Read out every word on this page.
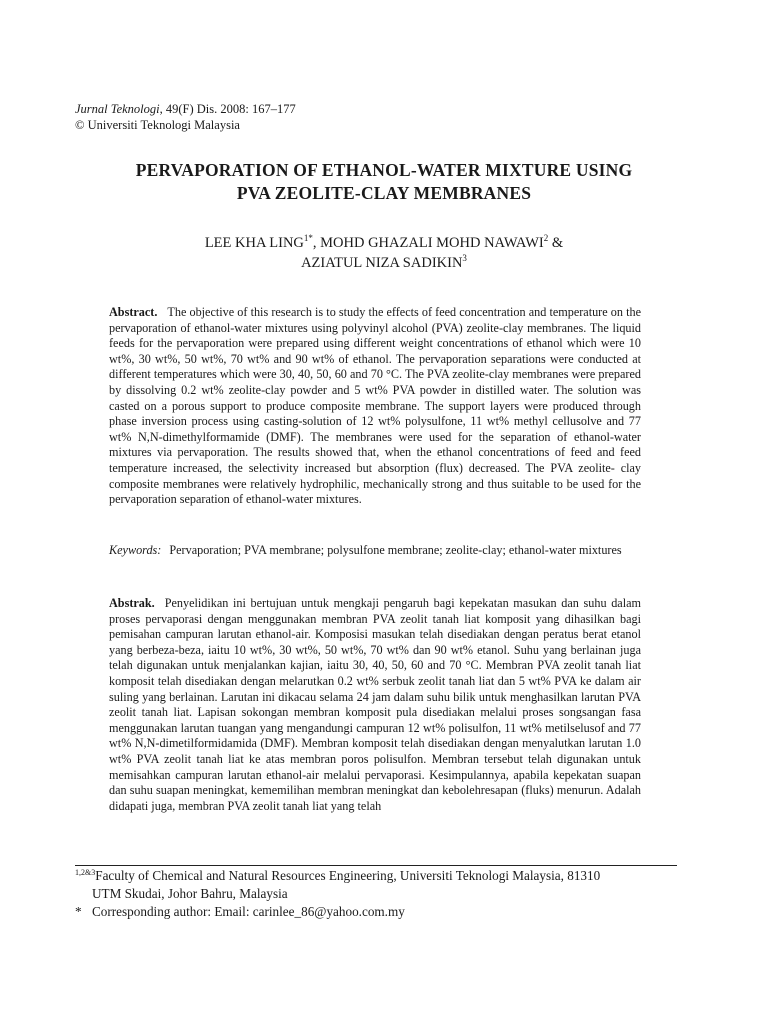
Jurnal Teknologi, 49(F) Dis. 2008: 167–177
© Universiti Teknologi Malaysia
PERVAPORATION OF ETHANOL-WATER MIXTURE USING
PVA ZEOLITE-CLAY MEMBRANES
LEE KHA $LING^{1*}$, MOHD GHAZALI MOHD NAWAWI$^2$ &
AZIATUL NIZA SADIKIN$^3$
Abstract. The objective of this research is to study the effects of feed concentration and temperature on the pervaporation of ethanol-water mixtures using polyvinyl alcohol (PVA) zeolite-clay membranes. The liquid feeds for the pervaporation were prepared using different weight concentrations of ethanol which were 10 wt%, 30 wt%, 50 wt%, 70 wt% and 90 wt% of ethanol. The pervaporation separations were conducted at different temperatures which were 30, 40, 50, 60 and 70 °C. The PVA zeolite-clay membranes were prepared by dissolving 0.2 wt% zeolite-clay powder and 5 wt% PVA powder in distilled water. The solution was casted on a porous support to produce composite membrane. The support layers were produced through phase inversion process using casting-solution of 12 wt% polysulfone, 11 wt% methyl cellusolve and 77 wt% N,N-dimethylformamide (DMF). The membranes were used for the separation of ethanol-water mixtures via pervaporation. The results showed that, when the ethanol concentrations of feed and feed temperature increased, the selectivity increased but absorption (flux) decreased. The PVA zeolite- clay composite membranes were relatively hydrophilic, mechanically strong and thus suitable to be used for the pervaporation separation of ethanol-water mixtures.
Keywords: Pervaporation; PVA membrane; polysulfone membrane; zeolite-clay; ethanol-water mixtures
Abstrak. Penyelidikan ini bertujuan untuk mengkaji pengaruh bagi kepekatan masukan dan suhu dalam proses pervaporasi dengan menggunakan membran PVA zeolit tanah liat komposit yang dihasilkan bagi pemisahan campuran larutan ethanol-air. Komposisi masukan telah disediakan dengan peratus berat etanol yang berbeza-beza, iaitu 10 wt%, 30 wt%, 50 wt%, 70 wt% dan 90 wt% etanol. Suhu yang berlainan juga telah digunakan untuk menjalankan kajian, iaitu 30, 40, 50, 60 and 70 °C. Membran PVA zeolit tanah liat komposit telah disediakan dengan melarutkan 0.2 wt% serbuk zeolit tanah liat dan 5 wt% PVA ke dalam air suling yang berlainan. Larutan ini dikacau selama 24 jam dalam suhu bilik untuk menghasilkan larutan PVA zeolit tanah liat. Lapisan sokongan membran komposit pula disediakan melalui proses songsangan fasa menggunakan larutan tuangan yang mengandungi campuran 12 wt% polisulfon, 11 wt% metilselusof and 77 wt% N,N-dimetilformidamida (DMF). Membran komposit telah disediakan dengan menyalutkan larutan 1.0 wt% PVA zeolit tanah liat ke atas membran poros polisulfon. Membran tersebut telah digunakan untuk memisahkan campuran larutan ethanol-air melalui pervaporasi. Kesimpulannya, apabila kepekatan suapan dan suhu suapan meningkat, kememilihan membran meningkat dan kebolehresapan (fluks) menurun. Adalah didapati juga, membran PVA zeolit tanah liat yang telah
$^{1,2\&3}$Faculty of Chemical and Natural Resources Engineering, Universiti Teknologi Malaysia, 81310
UTM Skudai, Johor Bahru, Malaysia
* Corresponding author: Email: carinlee_86@yahoo.com.my
